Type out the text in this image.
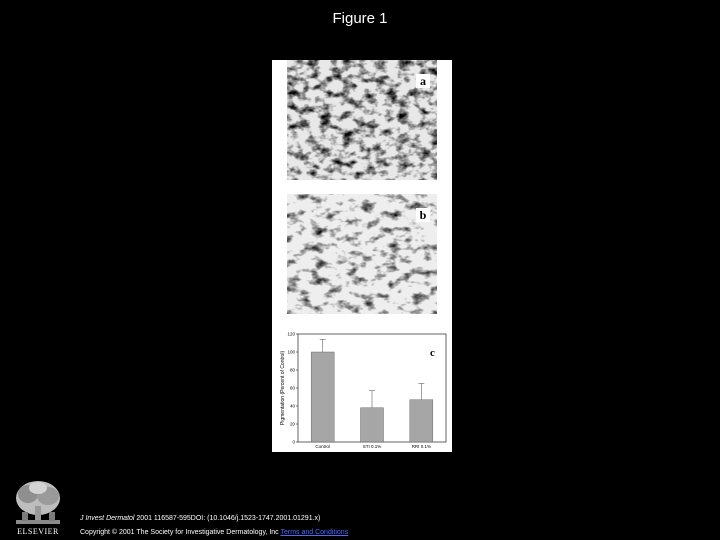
Figure 1
a
b
0
20
40
60
80
100
120
Control	STI 0.1%	RRI 0.1%
Pigmentation (Percent of Control)	c
ELSEVIER
J Invest Dermatol 2001 116587-595DOI: (10.1046/j.1523-1747.2001.01291.x)
Copyright © 2001 The Society for Investigative Dermatology, Inc Terms and Conditions
